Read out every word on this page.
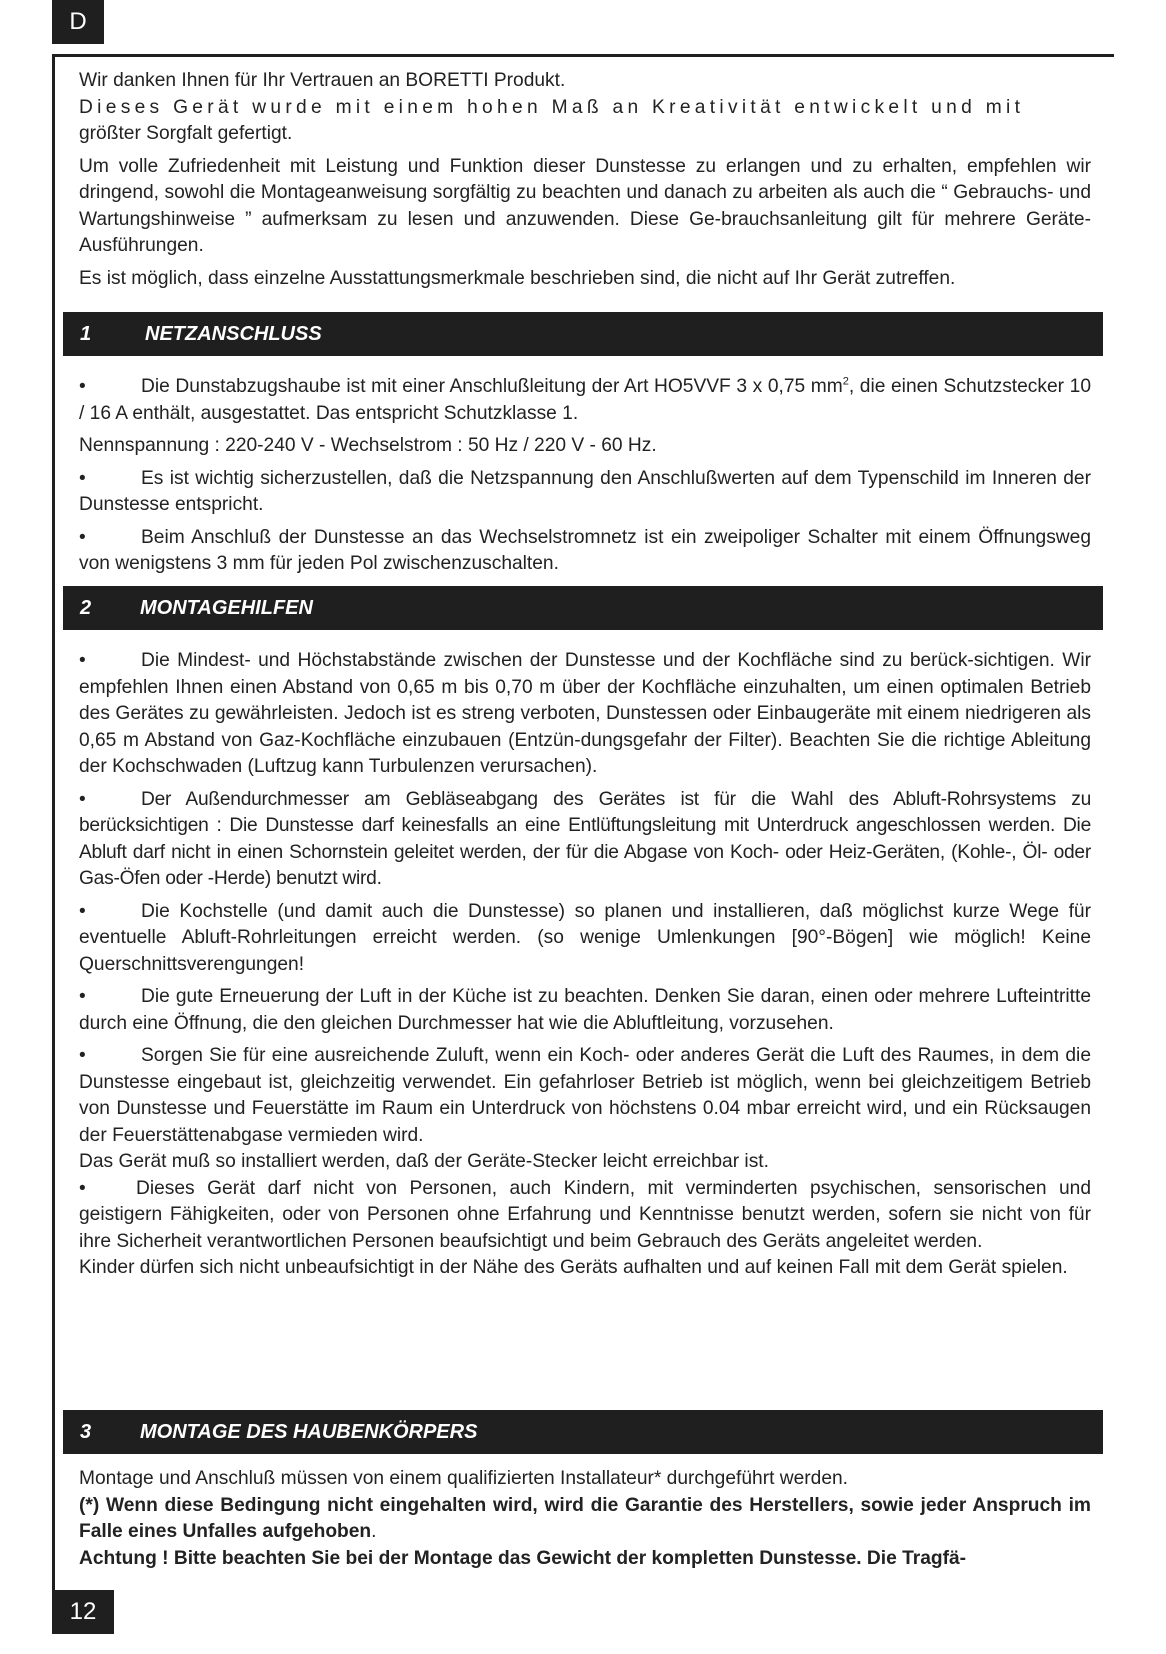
D

Wir danken Ihnen für Ihr Vertrauen an BORETTI Produkt.

Dieses Gerät wurde mit einem hohen Maß an Kreativität entwickelt und mit

größter Sorgfalt gefertigt.

Um volle Zufriedenheit mit Leistung und Funktion dieser Dunstesse zu erlangen und zu erhalten, empfehlen wir dringend, sowohl die Montageanweisung sorgfältig zu beachten und danach zu arbeiten als auch die “ Gebrauchs- und Wartungshinweise ” aufmerksam zu lesen und anzuwenden. Diese Ge-brauchsanleitung gilt für mehrere Geräte-Ausführungen.

Es ist möglich, dass einzelne Ausstattungsmerkmale beschrieben sind, die nicht auf Ihr Gerät zutreffen.

1	NETZANSCHLUSS

•	Die Dunstabzugshaube ist mit einer Anschlußleitung der Art HO5VVF 3 x 0,75 $mm^2$, die einen Schutzstecker 10 / 16 A enthält, ausgestattet. Das entspricht Schutzklasse 1.

Nennspannung : 220-240 V - Wechselstrom : 50 Hz / 220 V - 60 Hz.

•	Es ist wichtig sicherzustellen, daß die Netzspannung den Anschlußwerten auf dem Typenschild im Inneren der Dunstesse entspricht.

•	Beim Anschluß der Dunstesse an das Wechselstromnetz ist ein zweipoliger Schalter mit einem Öffnungsweg von wenigstens 3 mm für jeden Pol zwischenzuschalten.

2	MONTAGEHILFEN

•	Die Mindest- und Höchstabstände zwischen der Dunstesse und der Kochfläche sind zu berück-sichtigen. Wir empfehlen Ihnen einen Abstand von 0,65 m bis 0,70 m über der Kochfläche einzuhalten, um einen optimalen Betrieb des Gerätes zu gewährleisten. Jedoch ist es streng verboten, Dunstessen oder Einbaugeräte mit einem niedrigeren als 0,65 m Abstand von Gaz-Kochfläche einzubauen (Entzün-dungsgefahr der Filter). Beachten Sie die richtige Ableitung der Kochschwaden (Luftzug kann Turbulenzen verursachen).

•	Der Außendurchmesser am Gebläseabgang des Gerätes ist für die Wahl des Abluft-Rohrsystems zu berücksichtigen : Die Dunstesse darf keinesfalls an eine Entlüftungsleitung mit Unterdruck angeschlossen werden. Die Abluft darf nicht in einen Schornstein geleitet werden, der für die Abgase von Koch- oder Heiz-Geräten, (Kohle-, Öl- oder Gas-Öfen oder -Herde) benutzt wird.

•	Die Kochstelle (und damit auch die Dunstesse) so planen und installieren, daß möglichst kurze Wege für eventuelle Abluft-Rohrleitungen erreicht werden. (so wenige Umlenkungen [90°-Bögen] wie möglich! Keine Querschnittsverengungen!

•	Die gute Erneuerung der Luft in der Küche ist zu beachten. Denken Sie daran, einen oder mehrere Lufteintritte durch eine Öffnung, die den gleichen Durchmesser hat wie die Abluftleitung, vorzusehen.

•	Sorgen Sie für eine ausreichende Zuluft, wenn ein Koch- oder anderes Gerät die Luft des Raumes, in dem die Dunstesse eingebaut ist, gleichzeitig verwendet. Ein gefahrloser Betrieb ist möglich, wenn bei gleichzeitigem Betrieb von Dunstesse und Feuerstätte im Raum ein Unterdruck von höchstens 0.04 mbar erreicht wird, und ein Rücksaugen der Feuerstättenabgase vermieden wird.

Das Gerät muß so installiert werden, daß der Geräte-Stecker leicht erreichbar ist.

•	Dieses Gerät darf nicht von Personen, auch Kindern, mit verminderten psychischen, sensorischen und geistigern Fähigkeiten, oder von Personen ohne Erfahrung und Kenntnisse benutzt werden, sofern sie nicht von für ihre Sicherheit verantwortlichen Personen beaufsichtigt und beim Gebrauch des Geräts angeleitet werden.

Kinder dürfen sich nicht unbeaufsichtigt in der Nähe des Geräts aufhalten und auf keinen Fall mit dem Gerät spielen.

3	MONTAGE DES HAUBENKÖRPERS

Montage und Anschluß müssen von einem qualifizierten Installateur* durchgeführt werden.

(*) Wenn diese Bedingung nicht eingehalten wird, wird die Garantie des Herstellers, sowie jeder Anspruch im Falle eines Unfalles aufgehoben.

Achtung ! Bitte beachten Sie bei der Montage das Gewicht der kompletten Dunstesse. Die Tragfä-

12
